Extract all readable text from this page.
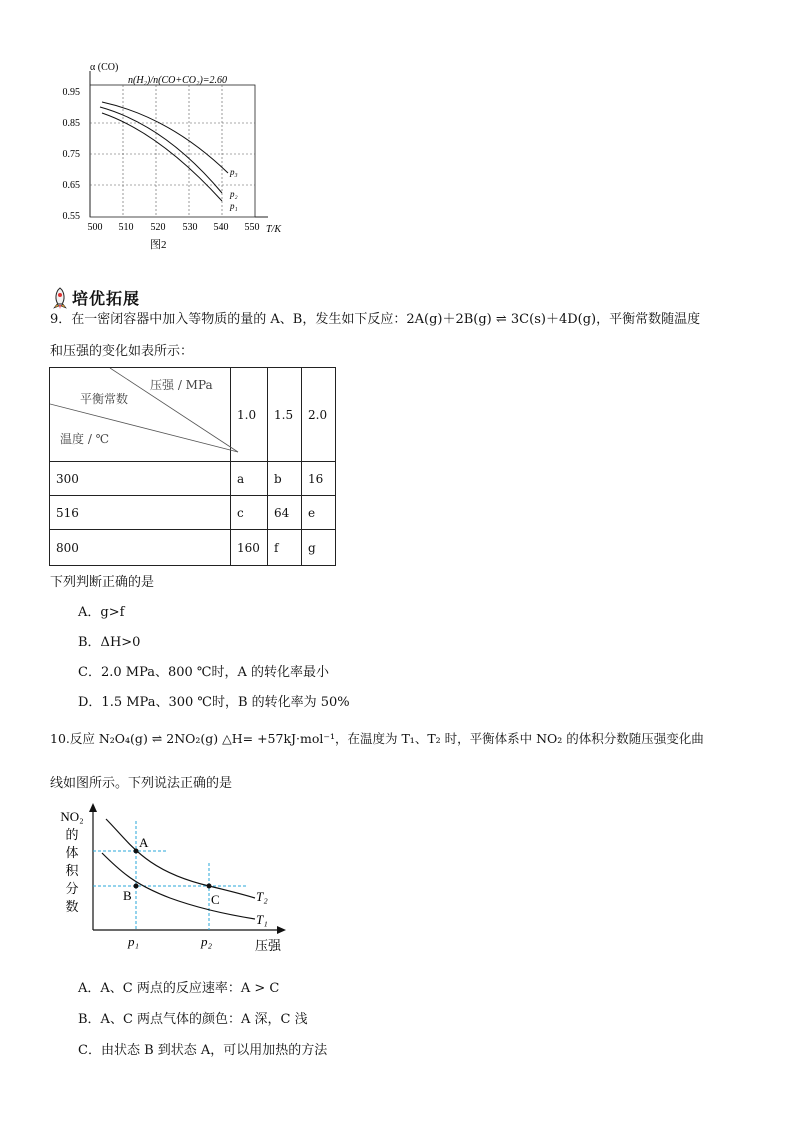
α (CO)
n(H₂)/n(CO+CO₂)=2.60
0.95
0.85
0.75
0.65
0.55
500 510 520 530 540 550 T/K
p₃
p₂
p₁
图2
培优拓展
9．在一密闭容器中加入等物质的量的 A、B，发生如下反应：2A(g)＋2B(g) ⇌ 3C(s)＋4D(g)，平衡常数随温度
和压强的变化如表所示：
压强 / MPa
平衡常数
温度 / ℃	1.0	1.5	2.0
300	a	b	16
516	c	64	e
800	160	f	g
下列判断正确的是
A．g>f
B．ΔH>0
C．2.0 MPa、800 ℃时，A 的转化率最小
D．1.5 MPa、300 ℃时，B 的转化率为 50%
10.反应 N₂O₄(g) ⇌ 2NO₂(g) △H= +57kJ·mol⁻¹，在温度为 T₁、T₂ 时，平衡体系中 NO₂ 的体积分数随压强变化曲
线如图所示。下列说法正确的是
NO₂
的
体
积
分
数
A
B	C	T₂
T₁
p₁	p₂	压强
A．A、C 两点的反应速率：A > C
B．A、C 两点气体的颜色：A 深，C 浅
C．由状态 B 到状态 A，可以用加热的方法
